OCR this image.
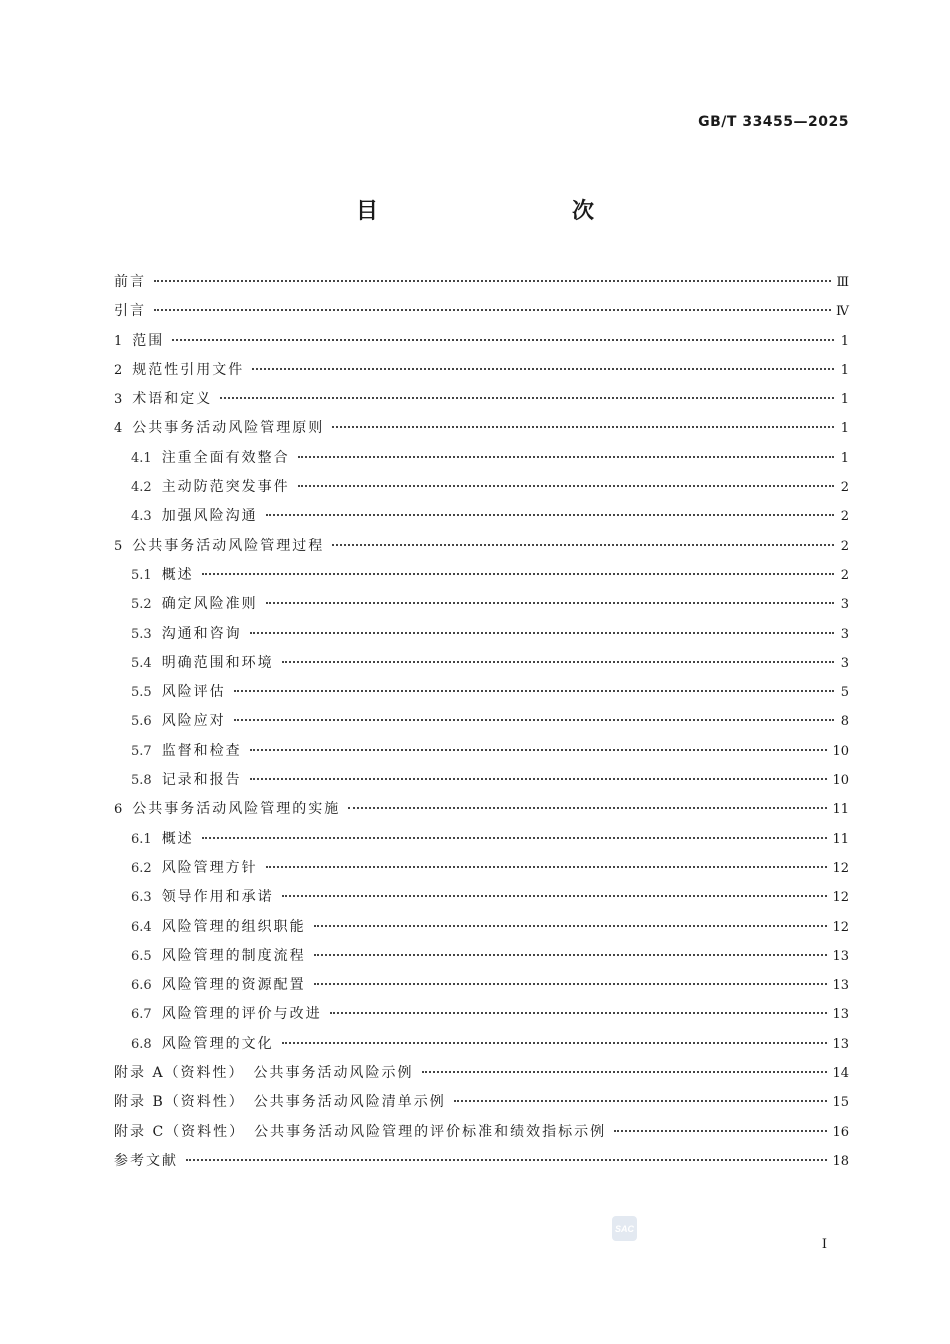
GB/T 33455—2025
目　　次
前言	Ⅲ
引言	Ⅳ
1 范围	1
2 规范性引用文件	1
3 术语和定义	1
4 公共事务活动风险管理原则	1
4.1 注重全面有效整合	1
4.2 主动防范突发事件	2
4.3 加强风险沟通	2
5 公共事务活动风险管理过程	2
5.1 概述	2
5.2 确定风险准则	3
5.3 沟通和咨询	3
5.4 明确范围和环境	3
5.5 风险评估	5
5.6 风险应对	8
5.7 监督和检查	10
5.8 记录和报告	10
6 公共事务活动风险管理的实施	11
6.1 概述	11
6.2 风险管理方针	12
6.3 领导作用和承诺	12
6.4 风险管理的组织职能	12
6.5 风险管理的制度流程	13
6.6 风险管理的资源配置	13
6.7 风险管理的评价与改进	13
6.8 风险管理的文化	13
附录 A（资料性）　公共事务活动风险示例	14
附录 B（资料性）　公共事务活动风险清单示例	15
附录 C（资料性）　公共事务活动风险管理的评价标准和绩效指标示例	16
参考文献	18
SAC
Ⅰ
